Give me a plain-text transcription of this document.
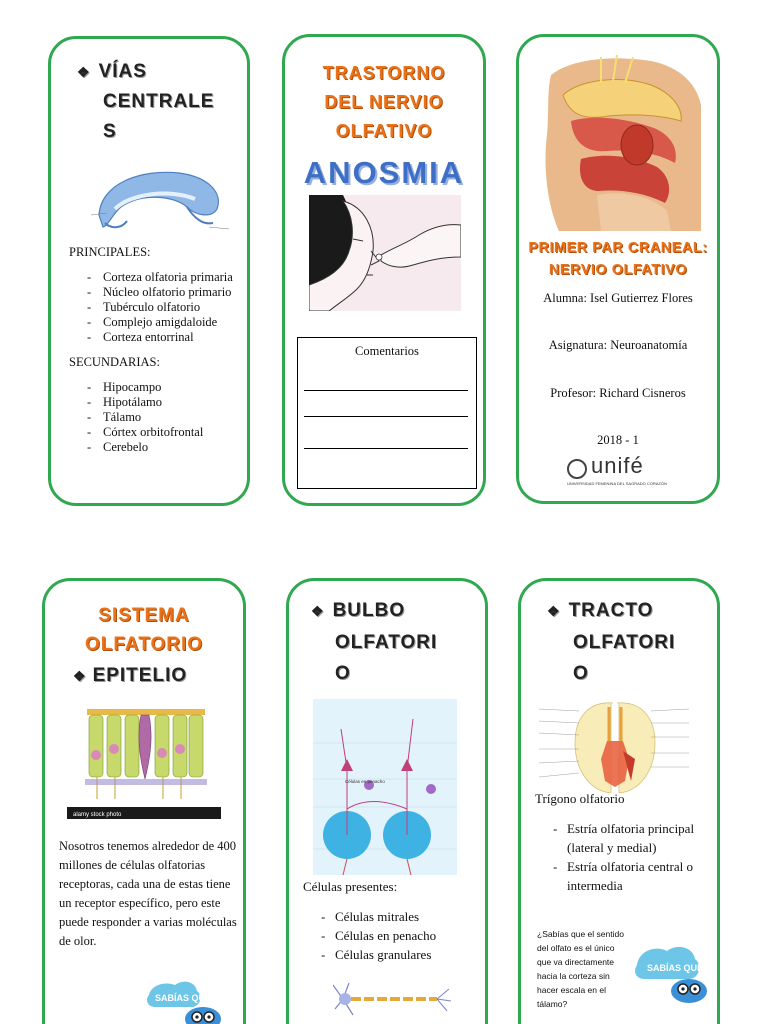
❖ VÍAS
CENTRALE
S
PRINCIPALES:
- Corteza olfatoria primaria
- Núcleo olfatorio primario
- Tubérculo olfatorio
- Complejo amigdaloide
- Corteza entorrinal
SECUNDARIAS:
- Hipocampo
- Hipotálamo
- Tálamo
- Córtex orbitofrontal
- Cerebelo
TRASTORNO
DEL NERVIO
OLFATIVO
ANOSMIA
Comentarios
PRIMER PAR CRANEAL:
NERVIO OLFATIVO
Alumna: Isel Gutierrez Flores
Asignatura: Neuroanatomía
Profesor: Richard Cisneros
2018 - 1
unifé
UNIVERSIDAD FEMENINA DEL SAGRADO CORAZÓN
SISTEMA
OLFATORIO
❖ EPITELIO
alamy stock photo
Nosotros tenemos alrededor de 400 millones de células olfatorias receptoras, cada una de estas tiene un receptor específico, pero este puede responder a varias moléculas de olor.
SABÍAS QUE
❖ BULBO
OLFATORI
O
Células en penacho
Células presentes:
- Células mitrales
- Células en penacho
- Células granulares
❖ TRACTO
OLFATORI
O
Trígono olfatorio
- Estría olfatoria principal (lateral y medial)
- Estría olfatoria central o intermedia
¿Sabías que el sentido del olfato es el único que va directamente hacia la corteza sin hacer escala en el tálamo?
SABÍAS QUE
